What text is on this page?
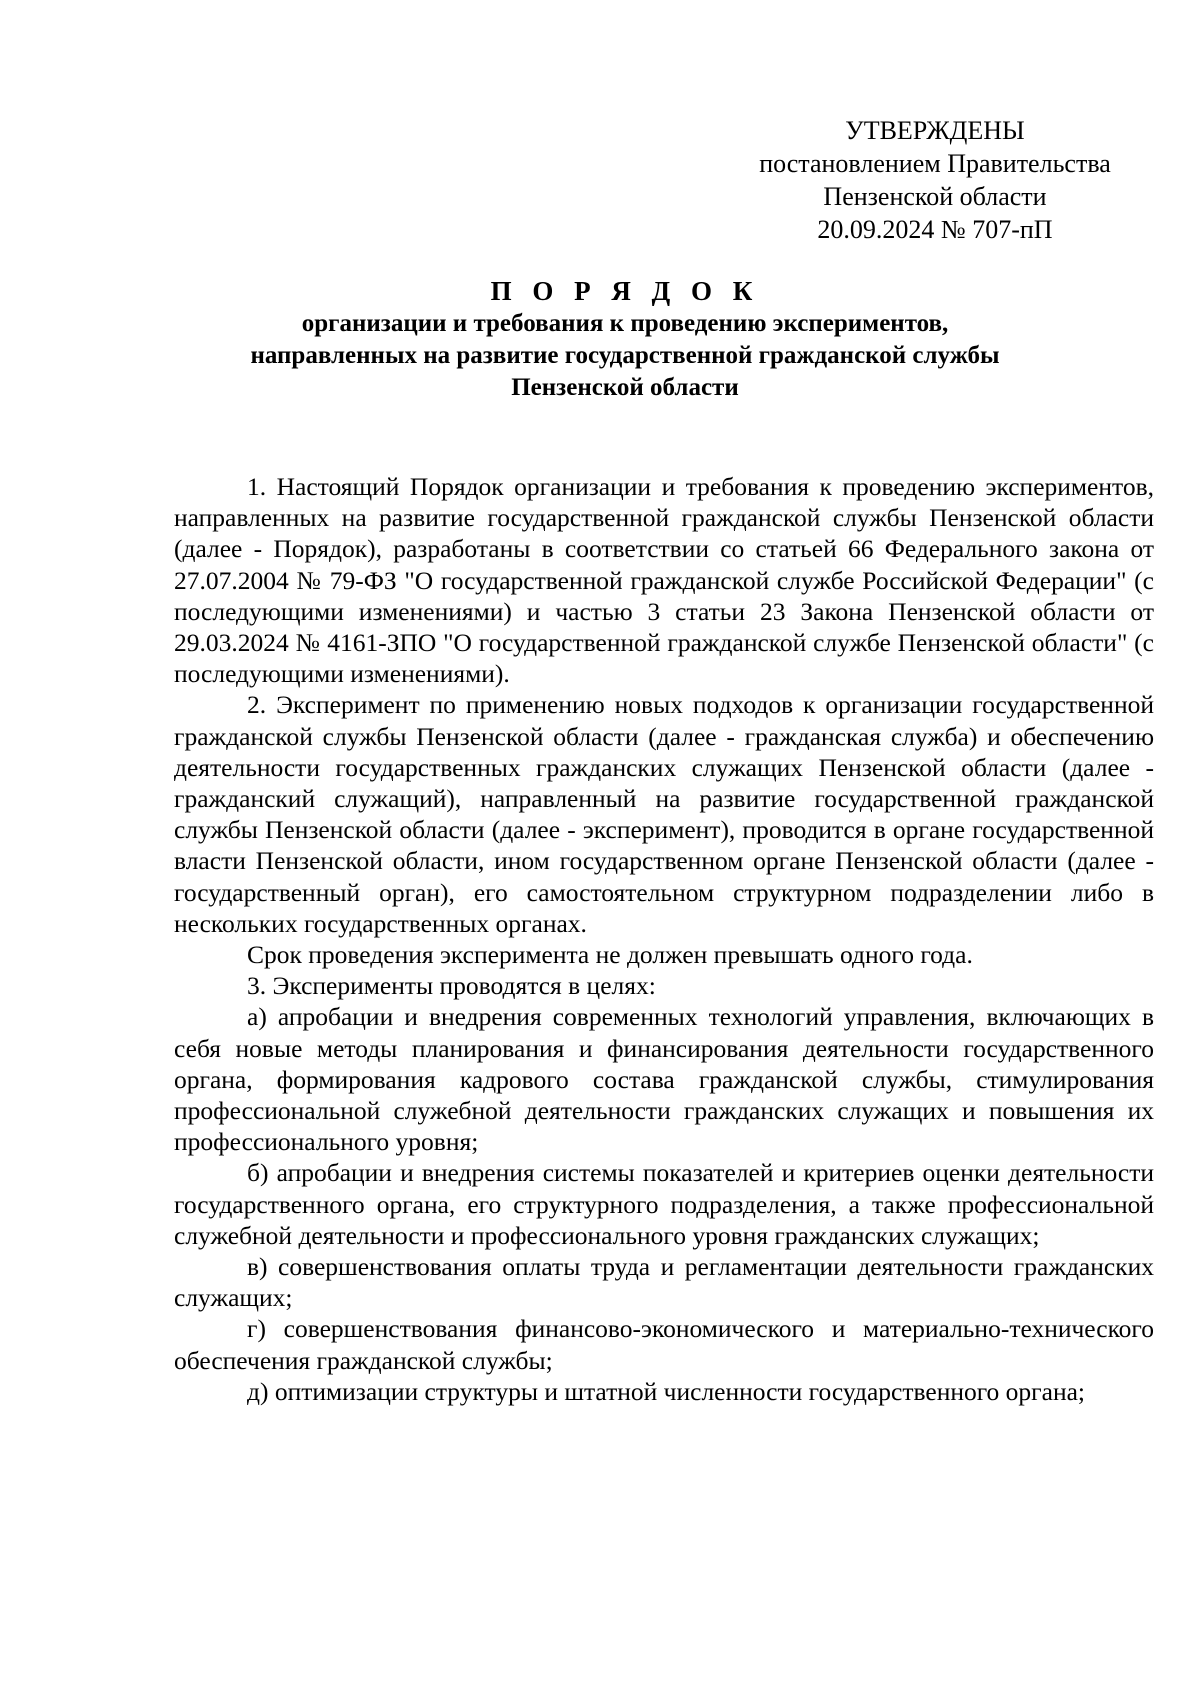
УТВЕРЖДЕНЫ
постановлением Правительства
Пензенской области
20.09.2024 № 707-пП
П О Р Я Д О К
организации и требования к проведению экспериментов,
направленных на развитие государственной гражданской службы
Пензенской области

1. Настоящий Порядок организации и требования к проведению экспериментов, направленных на развитие государственной гражданской службы Пензенской области (далее - Порядок), разработаны в соответствии со статьей 66 Федерального закона от 27.07.2004 № 79-ФЗ "О государственной гражданской службе Российской Федерации" (с последующими изменениями) и частью 3 статьи 23 Закона Пензенской области от 29.03.2024 № 4161-ЗПО "О государственной гражданской службе Пензенской области" (с последующими изменениями).

2. Эксперимент по применению новых подходов к организации государственной гражданской службы Пензенской области (далее - гражданская служба) и обеспечению деятельности государственных гражданских служащих Пензенской области (далее - гражданский служащий), направленный на развитие государственной гражданской службы Пензенской области (далее - эксперимент), проводится в органе государственной власти Пензенской области, ином государственном органе Пензенской области (далее - государственный орган), его самостоятельном структурном подразделении либо в нескольких государственных органах.

Срок проведения эксперимента не должен превышать одного года.

3. Эксперименты проводятся в целях:

а) апробации и внедрения современных технологий управления, включающих в себя новые методы планирования и финансирования деятельности государственного органа, формирования кадрового состава гражданской службы, стимулирования профессиональной служебной деятельности гражданских служащих и повышения их профессионального уровня;

б) апробации и внедрения системы показателей и критериев оценки деятельности государственного органа, его структурного подразделения, а также профессиональной служебной деятельности и профессионального уровня гражданских служащих;

в) совершенствования оплаты труда и регламентации деятельности гражданских служащих;

г) совершенствования финансово-экономического и материально-технического обеспечения гражданской службы;

д) оптимизации структуры и штатной численности государственного органа;
